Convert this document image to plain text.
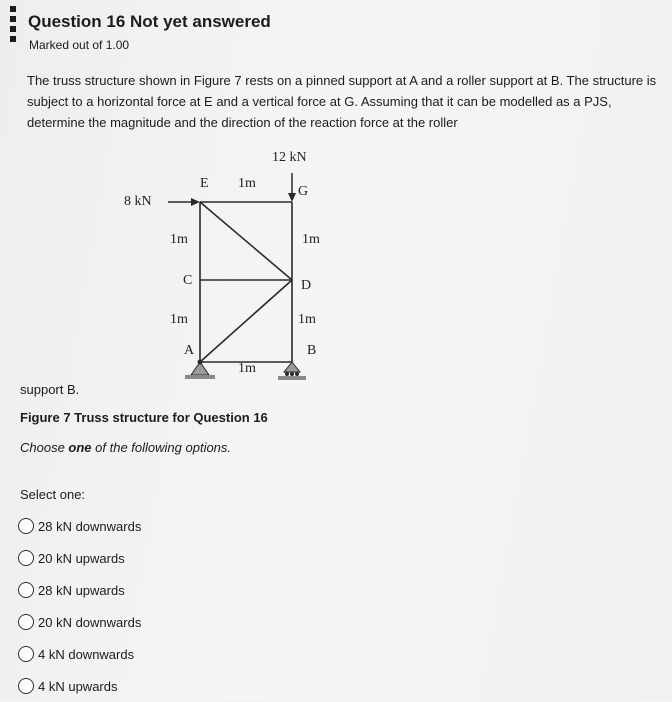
Question 16 Not yet answered
Marked out of 1.00
The truss structure shown in Figure 7 rests on a pinned support at A and a roller support at B. The structure is subject to a horizontal force at E and a vertical force at G. Assuming that it can be modelled as a PJS, determine the magnitude and the direction of the reaction force at the roller
12 kN
8 kN
E
G
1m
1m	1m
C	D
1m	1m
A	B
1m
support B.
Figure 7 Truss structure for Question 16
Choose one of the following options.
Select one:
28 kN downwards
20 kN upwards
28 kN upwards
20 kN downwards
4 kN downwards
4 kN upwards
